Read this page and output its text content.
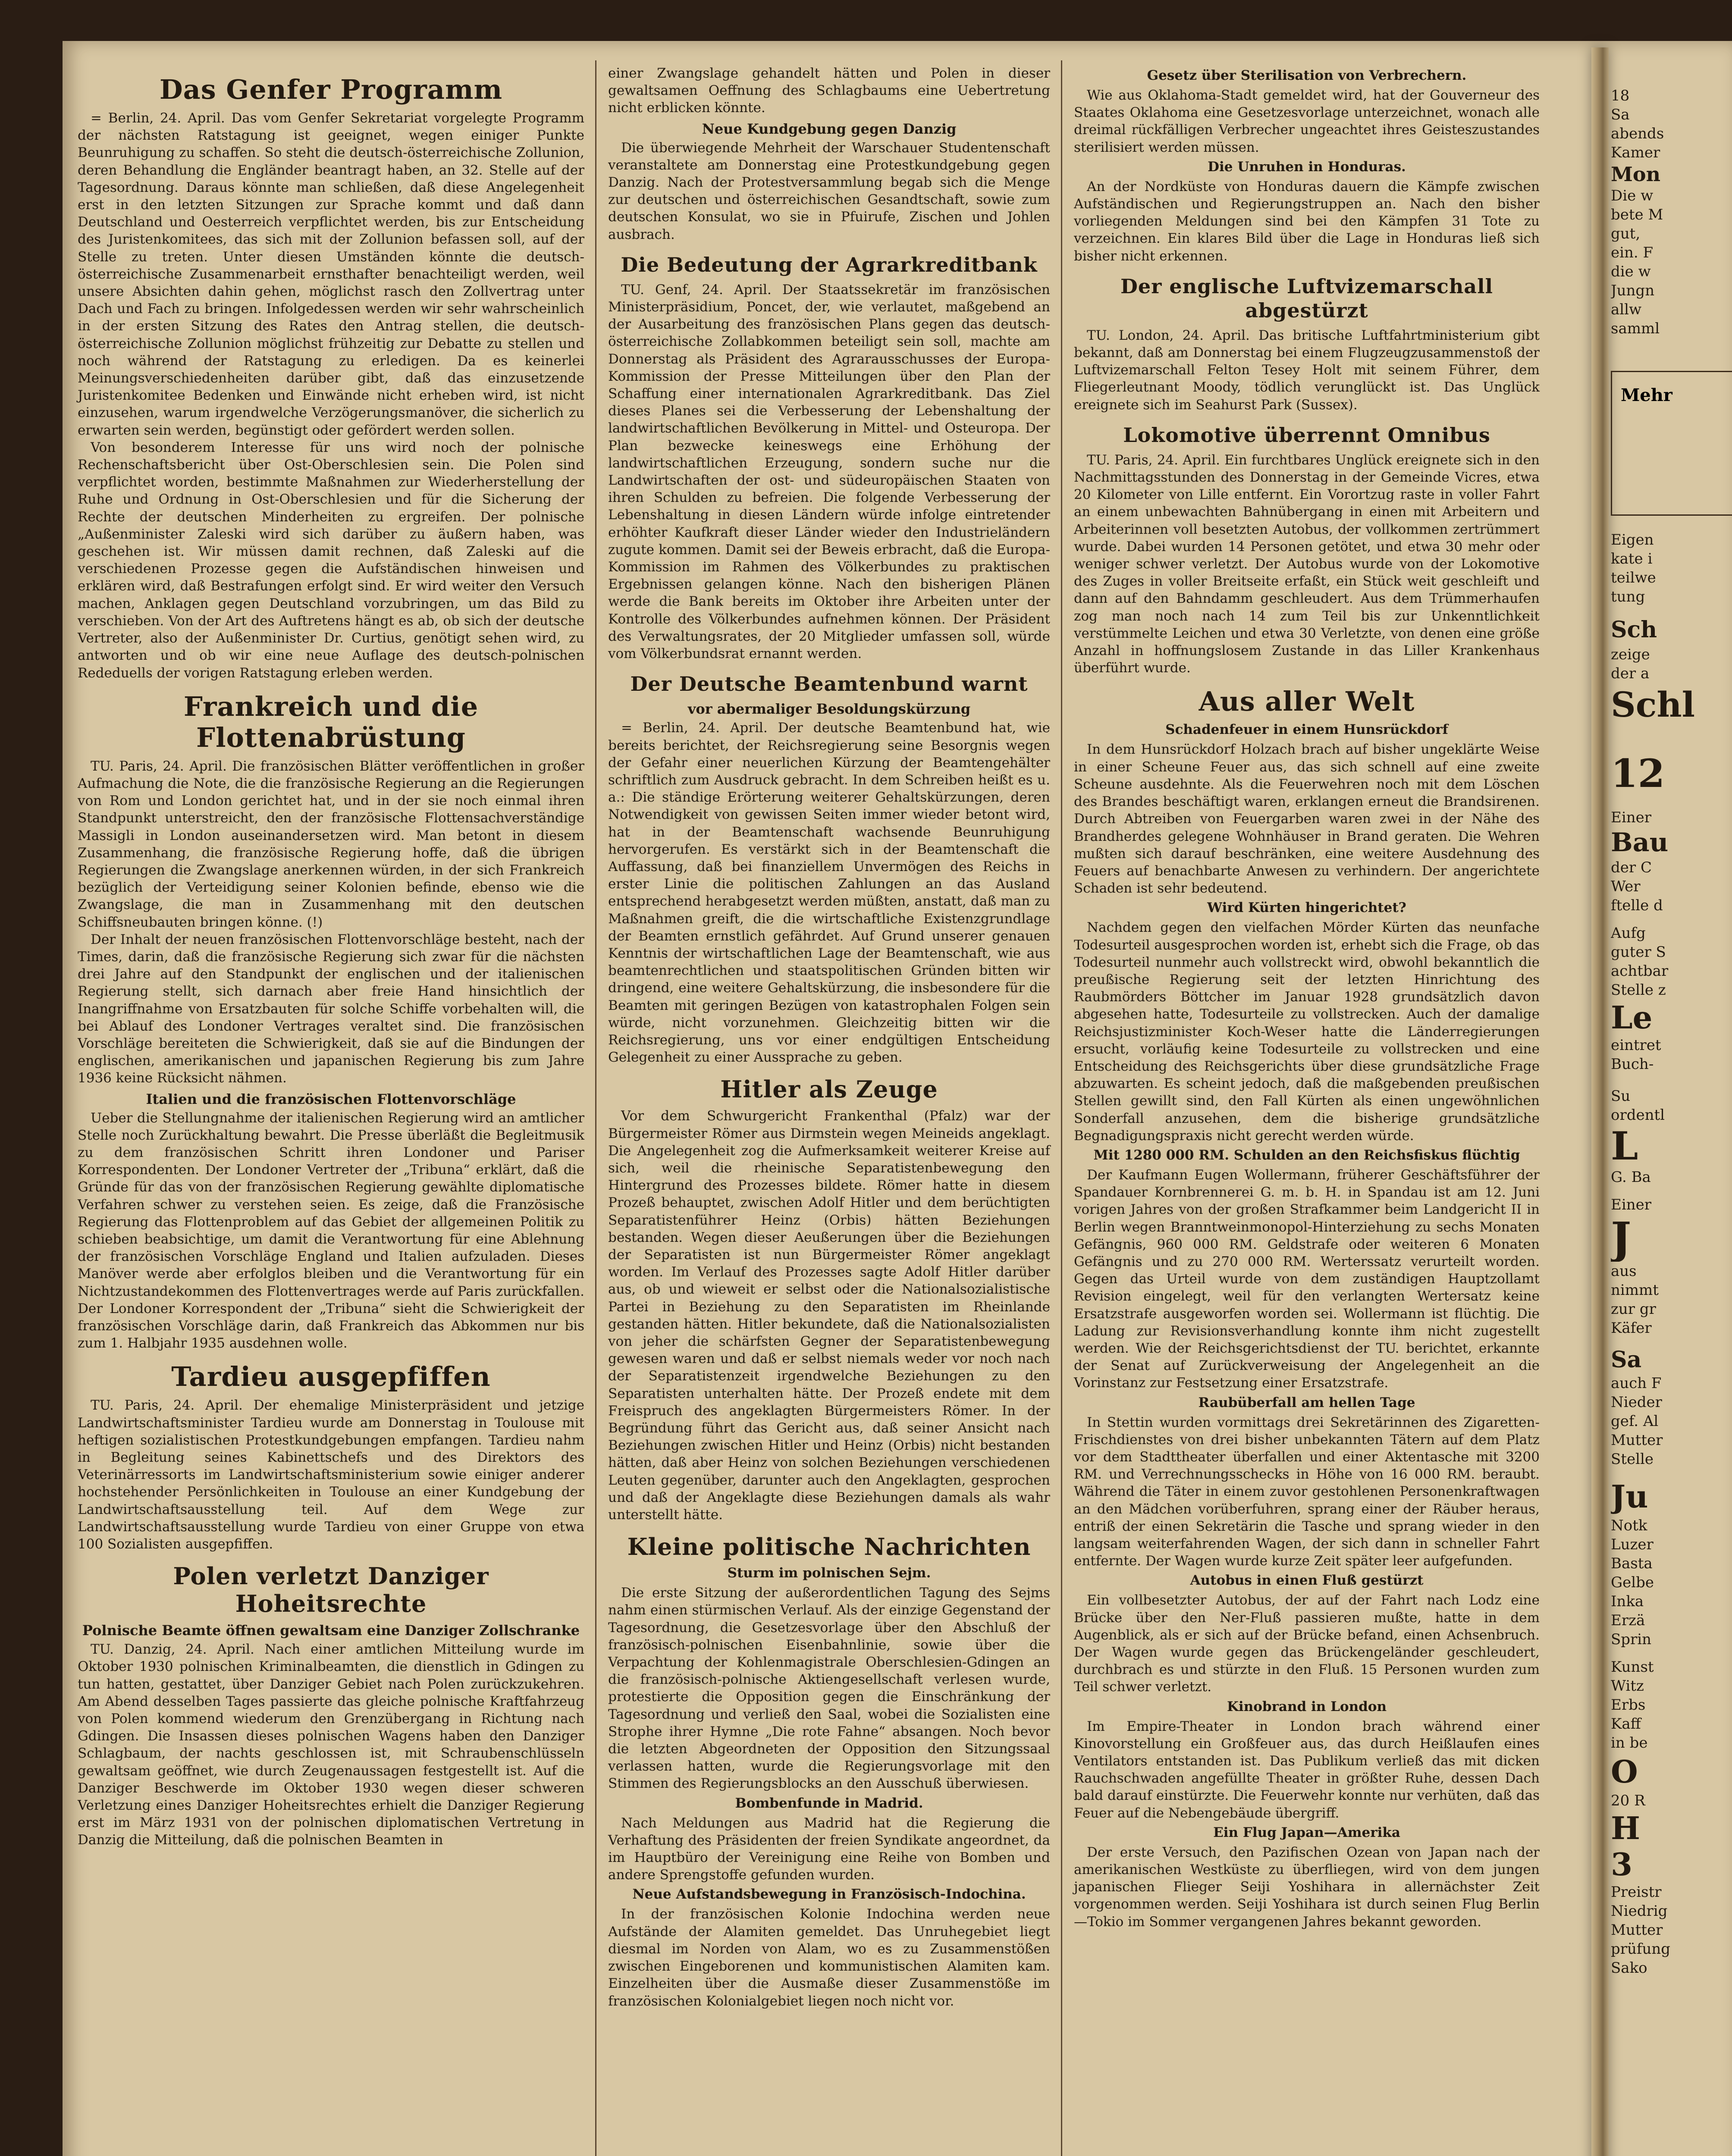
Das Genfer Programm

= Berlin, 24. April. Das vom Genfer Sekretariat vorgelegte Programm der nächsten Ratstagung ist geeignet, wegen einiger Punkte Beunruhigung zu schaffen. So steht die deutsch-österreichische Zollunion, deren Behandlung die Engländer beantragt haben, an 32. Stelle auf der Tagesordnung. Daraus könnte man schließen, daß diese Angelegenheit erst in den letzten Sitzungen zur Sprache kommt und daß dann Deutschland und Oesterreich verpflichtet werden, bis zur Entscheidung des Juristenkomitees, das sich mit der Zollunion befassen soll, auf der Stelle zu treten. Unter diesen Umständen könnte die deutsch-österreichische Zusammenarbeit ernsthafter benachteiligt werden, weil unsere Absichten dahin gehen, möglichst rasch den Zollvertrag unter Dach und Fach zu bringen. Infolgedessen werden wir sehr wahrscheinlich in der ersten Sitzung des Rates den Antrag stellen, die deutsch-österreichische Zollunion möglichst frühzeitig zur Debatte zu stellen und noch während der Ratstagung zu erledigen. Da es keinerlei Meinungsverschiedenheiten darüber gibt, daß das einzusetzende Juristenkomitee Bedenken und Einwände nicht erheben wird, ist nicht einzusehen, warum irgendwelche Verzögerungsmanöver, die sicherlich zu erwarten sein werden, begünstigt oder gefördert werden sollen.

Von besonderem Interesse für uns wird noch der polnische Rechenschaftsbericht über Ost-Oberschlesien sein. Die Polen sind verpflichtet worden, bestimmte Maßnahmen zur Wiederherstellung der Ruhe und Ordnung in Ost-Oberschlesien und für die Sicherung der Rechte der deutschen Minderheiten zu ergreifen. Der polnische „Außenminister Zaleski wird sich darüber zu äußern haben, was geschehen ist. Wir müssen damit rechnen, daß Zaleski auf die verschiedenen Prozesse gegen die Aufständischen hinweisen und erklären wird, daß Bestrafungen erfolgt sind. Er wird weiter den Versuch machen, Anklagen gegen Deutschland vorzubringen, um das Bild zu verschieben. Von der Art des Auftretens hängt es ab, ob sich der deutsche Vertreter, also der Außenminister Dr. Curtius, genötigt sehen wird, zu antworten und ob wir eine neue Auflage des deutsch-polnischen Rededuells der vorigen Ratstagung erleben werden.

Frankreich und die Flottenabrüstung

TU. Paris, 24. April. Die französischen Blätter veröffentlichen in großer Aufmachung die Note, die die französische Regierung an die Regierungen von Rom und London gerichtet hat, und in der sie noch einmal ihren Standpunkt unterstreicht, den der französische Flottensachverständige Massigli in London auseinandersetzen wird. Man betont in diesem Zusammenhang, die französische Regierung hoffe, daß die übrigen Regierungen die Zwangslage anerkennen würden, in der sich Frankreich bezüglich der Verteidigung seiner Kolonien befinde, ebenso wie die Zwangslage, die man in Zusammenhang mit den deutschen Schiffsneubauten bringen könne. (!)

Der Inhalt der neuen französischen Flottenvorschläge besteht, nach der Times, darin, daß die französische Regierung sich zwar für die nächsten drei Jahre auf den Standpunkt der englischen und der italienischen Regierung stellt, sich darnach aber freie Hand hinsichtlich der Inangriffnahme von Ersatzbauten für solche Schiffe vorbehalten will, die bei Ablauf des Londoner Vertrages veraltet sind. Die französischen Vorschläge bereiteten die Schwierigkeit, daß sie auf die Bindungen der englischen, amerikanischen und japanischen Regierung bis zum Jahre 1936 keine Rücksicht nähmen.

Italien und die französischen Flottenvorschläge

Ueber die Stellungnahme der italienischen Regierung wird an amtlicher Stelle noch Zurückhaltung bewahrt. Die Presse überläßt die Begleitmusik zu dem französischen Schritt ihren Londoner und Pariser Korrespondenten. Der Londoner Vertreter der „Tribuna“ erklärt, daß die Gründe für das von der französischen Regierung gewählte diplomatische Verfahren schwer zu verstehen seien. Es zeige, daß die Französische Regierung das Flottenproblem auf das Gebiet der allgemeinen Politik zu schieben beabsichtige, um damit die Verantwortung für eine Ablehnung der französischen Vorschläge England und Italien aufzuladen. Dieses Manöver werde aber erfolglos bleiben und die Verantwortung für ein Nichtzustandekommen des Flottenvertrages werde auf Paris zurückfallen. Der Londoner Korrespondent der „Tribuna“ sieht die Schwierigkeit der französischen Vorschläge darin, daß Frankreich das Abkommen nur bis zum 1. Halbjahr 1935 ausdehnen wolle.

Tardieu ausgepfiffen

TU. Paris, 24. April. Der ehemalige Ministerpräsident und jetzige Landwirtschaftsminister Tardieu wurde am Donnerstag in Toulouse mit heftigen sozialistischen Protestkundgebungen empfangen. Tardieu nahm in Begleitung seines Kabinettschefs und des Direktors des Veterinärressorts im Landwirtschaftsministerium sowie einiger anderer hochstehender Persönlichkeiten in Toulouse an einer Kundgebung der Landwirtschaftsausstellung teil. Auf dem Wege zur Landwirtschaftsausstellung wurde Tardieu von einer Gruppe von etwa 100 Sozialisten ausgepfiffen.

Polen verletzt Danziger Hoheitsrechte
Polnische Beamte öffnen gewaltsam eine Danziger Zollschranke

TU. Danzig, 24. April. Nach einer amtlichen Mitteilung wurde im Oktober 1930 polnischen Kriminalbeamten, die dienstlich in Gdingen zu tun hatten, gestattet, über Danziger Gebiet nach Polen zurückzukehren. Am Abend desselben Tages passierte das gleiche polnische Kraftfahrzeug von Polen kommend wiederum den Grenzübergang in Richtung nach Gdingen. Die Insassen dieses polnischen Wagens haben den Danziger Schlagbaum, der nachts geschlossen ist, mit Schraubenschlüsseln gewaltsam geöffnet, wie durch Zeugenaussagen festgestellt ist. Auf die Danziger Beschwerde im Oktober 1930 wegen dieser schweren Verletzung eines Danziger Hoheitsrechtes erhielt die Danziger Regierung erst im März 1931 von der polnischen diplomatischen Vertretung in Danzig die Mitteilung, daß die polnischen Beamten in

einer Zwangslage gehandelt hätten und Polen in dieser gewaltsamen Oeffnung des Schlagbaums eine Uebertretung nicht erblicken könnte.

Neue Kundgebung gegen Danzig

Die überwiegende Mehrheit der Warschauer Studentenschaft veranstaltete am Donnerstag eine Protestkundgebung gegen Danzig. Nach der Protestversammlung begab sich die Menge zur deutschen und österreichischen Gesandtschaft, sowie zum deutschen Konsulat, wo sie in Pfuirufe, Zischen und Johlen ausbrach.

Die Bedeutung der Agrarkreditbank

TU. Genf, 24. April. Der Staatssekretär im französischen Ministerpräsidium, Poncet, der, wie verlautet, maßgebend an der Ausarbeitung des französischen Plans gegen das deutsch-österreichische Zollabkommen beteiligt sein soll, machte am Donnerstag als Präsident des Agrarausschusses der Europa-Kommission der Presse Mitteilungen über den Plan der Schaffung einer internationalen Agrarkreditbank. Das Ziel dieses Planes sei die Verbesserung der Lebenshaltung der landwirtschaftlichen Bevölkerung in Mittel- und Osteuropa. Der Plan bezwecke keineswegs eine Erhöhung der landwirtschaftlichen Erzeugung, sondern suche nur die Landwirtschaften der ost- und südeuropäischen Staaten von ihren Schulden zu befreien. Die folgende Verbesserung der Lebenshaltung in diesen Ländern würde infolge eintretender erhöhter Kaufkraft dieser Länder wieder den Industrieländern zugute kommen. Damit sei der Beweis erbracht, daß die Europa-Kommission im Rahmen des Völkerbundes zu praktischen Ergebnissen gelangen könne. Nach den bisherigen Plänen werde die Bank bereits im Oktober ihre Arbeiten unter der Kontrolle des Völkerbundes aufnehmen können. Der Präsident des Verwaltungsrates, der 20 Mitglieder umfassen soll, würde vom Völkerbundsrat ernannt werden.

Der Deutsche Beamtenbund warnt
vor abermaliger Besoldungskürzung

= Berlin, 24. April. Der deutsche Beamtenbund hat, wie bereits berichtet, der Reichsregierung seine Besorgnis wegen der Gefahr einer neuerlichen Kürzung der Beamtengehälter schriftlich zum Ausdruck gebracht. In dem Schreiben heißt es u. a.: Die ständige Erörterung weiterer Gehaltskürzungen, deren Notwendigkeit von gewissen Seiten immer wieder betont wird, hat in der Beamtenschaft wachsende Beunruhigung hervorgerufen. Es verstärkt sich in der Beamtenschaft die Auffassung, daß bei finanziellem Unvermögen des Reichs in erster Linie die politischen Zahlungen an das Ausland entsprechend herabgesetzt werden müßten, anstatt, daß man zu Maßnahmen greift, die die wirtschaftliche Existenzgrundlage der Beamten ernstlich gefährdet. Auf Grund unserer genauen Kenntnis der wirtschaftlichen Lage der Beamtenschaft, wie aus beamtenrechtlichen und staatspolitischen Gründen bitten wir dringend, eine weitere Gehaltskürzung, die insbesondere für die Beamten mit geringen Bezügen von katastrophalen Folgen sein würde, nicht vorzunehmen. Gleichzeitig bitten wir die Reichsregierung, uns vor einer endgültigen Entscheidung Gelegenheit zu einer Aussprache zu geben.

Hitler als Zeuge

Vor dem Schwurgericht Frankenthal (Pfalz) war der Bürgermeister Römer aus Dirmstein wegen Meineids angeklagt. Die Angelegenheit zog die Aufmerksamkeit weiterer Kreise auf sich, weil die rheinische Separatistenbewegung den Hintergrund des Prozesses bildete. Römer hatte in diesem Prozeß behauptet, zwischen Adolf Hitler und dem berüchtigten Separatistenführer Heinz (Orbis) hätten Beziehungen bestanden. Wegen dieser Aeußerungen über die Beziehungen der Separatisten ist nun Bürgermeister Römer angeklagt worden. Im Verlauf des Prozesses sagte Adolf Hitler darüber aus, ob und wieweit er selbst oder die Nationalsozialistische Partei in Beziehung zu den Separatisten im Rheinlande gestanden hätten. Hitler bekundete, daß die Nationalsozialisten von jeher die schärfsten Gegner der Separatistenbewegung gewesen waren und daß er selbst niemals weder vor noch nach der Separatistenzeit irgendwelche Beziehungen zu den Separatisten unterhalten hätte. Der Prozeß endete mit dem Freispruch des angeklagten Bürgermeisters Römer. In der Begründung führt das Gericht aus, daß seiner Ansicht nach Beziehungen zwischen Hitler und Heinz (Orbis) nicht bestanden hätten, daß aber Heinz von solchen Beziehungen verschiedenen Leuten gegenüber, darunter auch den Angeklagten, gesprochen und daß der Angeklagte diese Beziehungen damals als wahr unterstellt hätte.

Kleine politische Nachrichten
Sturm im polnischen Sejm.

Die erste Sitzung der außerordentlichen Tagung des Sejms nahm einen stürmischen Verlauf. Als der einzige Gegenstand der Tagesordnung, die Gesetzesvorlage über den Abschluß der französisch-polnischen Eisenbahnlinie, sowie über die Verpachtung der Kohlenmagistrale Oberschlesien-Gdingen an die französisch-polnische Aktiengesellschaft verlesen wurde, protestierte die Opposition gegen die Einschränkung der Tagesordnung und verließ den Saal, wobei die Sozialisten eine Strophe ihrer Hymne „Die rote Fahne“ absangen. Noch bevor die letzten Abgeordneten der Opposition den Sitzungssaal verlassen hatten, wurde die Regierungsvorlage mit den Stimmen des Regierungsblocks an den Ausschuß überwiesen.

Bombenfunde in Madrid.

Nach Meldungen aus Madrid hat die Regierung die Verhaftung des Präsidenten der freien Syndikate angeordnet, da im Hauptbüro der Vereinigung eine Reihe von Bomben und andere Sprengstoffe gefunden wurden.

Neue Aufstandsbewegung in Französisch-Indochina.

In der französischen Kolonie Indochina werden neue Aufstände der Alamiten gemeldet. Das Unruhegebiet liegt diesmal im Norden von Alam, wo es zu Zusammenstößen zwischen Eingeborenen und kommunistischen Alamiten kam. Einzelheiten über die Ausmaße dieser Zusammenstöße im französischen Kolonialgebiet liegen noch nicht vor.

Gesetz über Sterilisation von Verbrechern.

Wie aus Oklahoma-Stadt gemeldet wird, hat der Gouverneur des Staates Oklahoma eine Gesetzesvorlage unterzeichnet, wonach alle dreimal rückfälligen Verbrecher ungeachtet ihres Geisteszustandes sterilisiert werden müssen.

Die Unruhen in Honduras.

An der Nordküste von Honduras dauern die Kämpfe zwischen Aufständischen und Regierungstruppen an. Nach den bisher vorliegenden Meldungen sind bei den Kämpfen 31 Tote zu verzeichnen. Ein klares Bild über die Lage in Honduras ließ sich bisher nicht erkennen.

Der englische Luftvizemarschall abgestürzt

TU. London, 24. April. Das britische Luftfahrtministerium gibt bekannt, daß am Donnerstag bei einem Flugzeugzusammenstoß der Luftvizemarschall Felton Tesey Holt mit seinem Führer, dem Fliegerleutnant Moody, tödlich verunglückt ist. Das Unglück ereignete sich im Seahurst Park (Sussex).

Lokomotive überrennt Omnibus

TU. Paris, 24. April. Ein furchtbares Unglück ereignete sich in den Nachmittagsstunden des Donnerstag in der Gemeinde Vicres, etwa 20 Kilometer von Lille entfernt. Ein Vorortzug raste in voller Fahrt an einem unbewachten Bahnübergang in einen mit Arbeitern und Arbeiterinnen voll besetzten Autobus, der vollkommen zertrümmert wurde. Dabei wurden 14 Personen getötet, und etwa 30 mehr oder weniger schwer verletzt. Der Autobus wurde von der Lokomotive des Zuges in voller Breitseite erfaßt, ein Stück weit geschleift und dann auf den Bahndamm geschleudert. Aus dem Trümmerhaufen zog man noch nach 14 zum Teil bis zur Unkenntlichkeit verstümmelte Leichen und etwa 30 Verletzte, von denen eine größe Anzahl in hoffnungslosem Zustande in das Liller Krankenhaus überführt wurde.

Aus aller Welt
Schadenfeuer in einem Hunsrückdorf

In dem Hunsrückdorf Holzach brach auf bisher ungeklärte Weise in einer Scheune Feuer aus, das sich schnell auf eine zweite Scheune ausdehnte. Als die Feuerwehren noch mit dem Löschen des Brandes beschäftigt waren, erklangen erneut die Brandsirenen. Durch Abtreiben von Feuergarben waren zwei in der Nähe des Brandherdes gelegene Wohnhäuser in Brand geraten. Die Wehren mußten sich darauf beschränken, eine weitere Ausdehnung des Feuers auf benachbarte Anwesen zu verhindern. Der angerichtete Schaden ist sehr bedeutend.

Wird Kürten hingerichtet?

Nachdem gegen den vielfachen Mörder Kürten das neunfache Todesurteil ausgesprochen worden ist, erhebt sich die Frage, ob das Todesurteil nunmehr auch vollstreckt wird, obwohl bekanntlich die preußische Regierung seit der letzten Hinrichtung des Raubmörders Böttcher im Januar 1928 grundsätzlich davon abgesehen hatte, Todesurteile zu vollstrecken. Auch der damalige Reichsjustizminister Koch-Weser hatte die Länderregierungen ersucht, vorläufig keine Todesurteile zu vollstrecken und eine Entscheidung des Reichsgerichts über diese grundsätzliche Frage abzuwarten. Es scheint jedoch, daß die maßgebenden preußischen Stellen gewillt sind, den Fall Kürten als einen ungewöhnlichen Sonderfall anzusehen, dem die bisherige grundsätzliche Begnadigungspraxis nicht gerecht werden würde.

Mit 1280 000 RM. Schulden an den Reichsfiskus flüchtig

Der Kaufmann Eugen Wollermann, früherer Geschäftsführer der Spandauer Kornbrennerei G. m. b. H. in Spandau ist am 12. Juni vorigen Jahres von der großen Strafkammer beim Landgericht II in Berlin wegen Branntweinmonopol-Hinterziehung zu sechs Monaten Gefängnis, 960 000 RM. Geldstrafe oder weiteren 6 Monaten Gefängnis und zu 270 000 RM. Werterssatz verurteilt worden. Gegen das Urteil wurde von dem zuständigen Hauptzollamt Revision eingelegt, weil für den verlangten Wertersatz keine Ersatzstrafe ausgeworfen worden sei. Wollermann ist flüchtig. Die Ladung zur Revisionsverhandlung konnte ihm nicht zugestellt werden. Wie der Reichsgerichtsdienst der TU. berichtet, erkannte der Senat auf Zurückverweisung der Angelegenheit an die Vorinstanz zur Festsetzung einer Ersatzstrafe.

Raubüberfall am hellen Tage

In Stettin wurden vormittags drei Sekretärinnen des Zigaretten-Frischdienstes von drei bisher unbekannten Tätern auf dem Platz vor dem Stadttheater überfallen und einer Aktentasche mit 3200 RM. und Verrechnungsschecks in Höhe von 16 000 RM. beraubt. Während die Täter in einem zuvor gestohlenen Personenkraftwagen an den Mädchen vorüberfuhren, sprang einer der Räuber heraus, entriß der einen Sekretärin die Tasche und sprang wieder in den langsam weiterfahrenden Wagen, der sich dann in schneller Fahrt entfernte. Der Wagen wurde kurze Zeit später leer aufgefunden.

Autobus in einen Fluß gestürzt

Ein vollbesetzter Autobus, der auf der Fahrt nach Lodz eine Brücke über den Ner-Fluß passieren mußte, hatte in dem Augenblick, als er sich auf der Brücke befand, einen Achsenbruch. Der Wagen wurde gegen das Brückengeländer geschleudert, durchbrach es und stürzte in den Fluß. 15 Personen wurden zum Teil schwer verletzt.

Kinobrand in London

Im Empire-Theater in London brach während einer Kinovorstellung ein Großfeuer aus, das durch Heißlaufen eines Ventilators entstanden ist. Das Publikum verließ das mit dicken Rauchschwaden angefüllte Theater in größter Ruhe, dessen Dach bald darauf einstürzte. Die Feuerwehr konnte nur verhüten, daß das Feuer auf die Nebengebäude übergriff.

Ein Flug Japan—Amerika

Der erste Versuch, den Pazifischen Ozean von Japan nach der amerikanischen Westküste zu überfliegen, wird von dem jungen japanischen Flieger Seiji Yoshihara in allernächster Zeit vorgenommen werden. Seiji Yoshihara ist durch seinen Flug Berlin—Tokio im Sommer vergangenen Jahres bekannt geworden.

18
Sa
abends
Kamer
Mon
Die w
bete M
gut,
ein. F
die w
Jungn
allw
samml
Mehr
Eigen
kate i
teilwe
tung
Sch
zeige
der a
Schl
12
Einer
Bau
der C
Wer
ftelle d
Aufg
guter S
achtbar
Stelle z
Le
eintret
Buch-
Su
ordentl
L
G. Ba
Einer
J
aus
nimmt
zur gr
Käfer
Sa
auch F
Nieder
gef. Al
Mutter
Stelle
Ju
Notk
Luzer
Basta
Gelbe
Inka
Erzä
Sprin
Kunst
Witz
Erbs
Kaff
in be
O
20 R
H
3
Preistr
Niedrig
Mutter
prüfung
Sako
